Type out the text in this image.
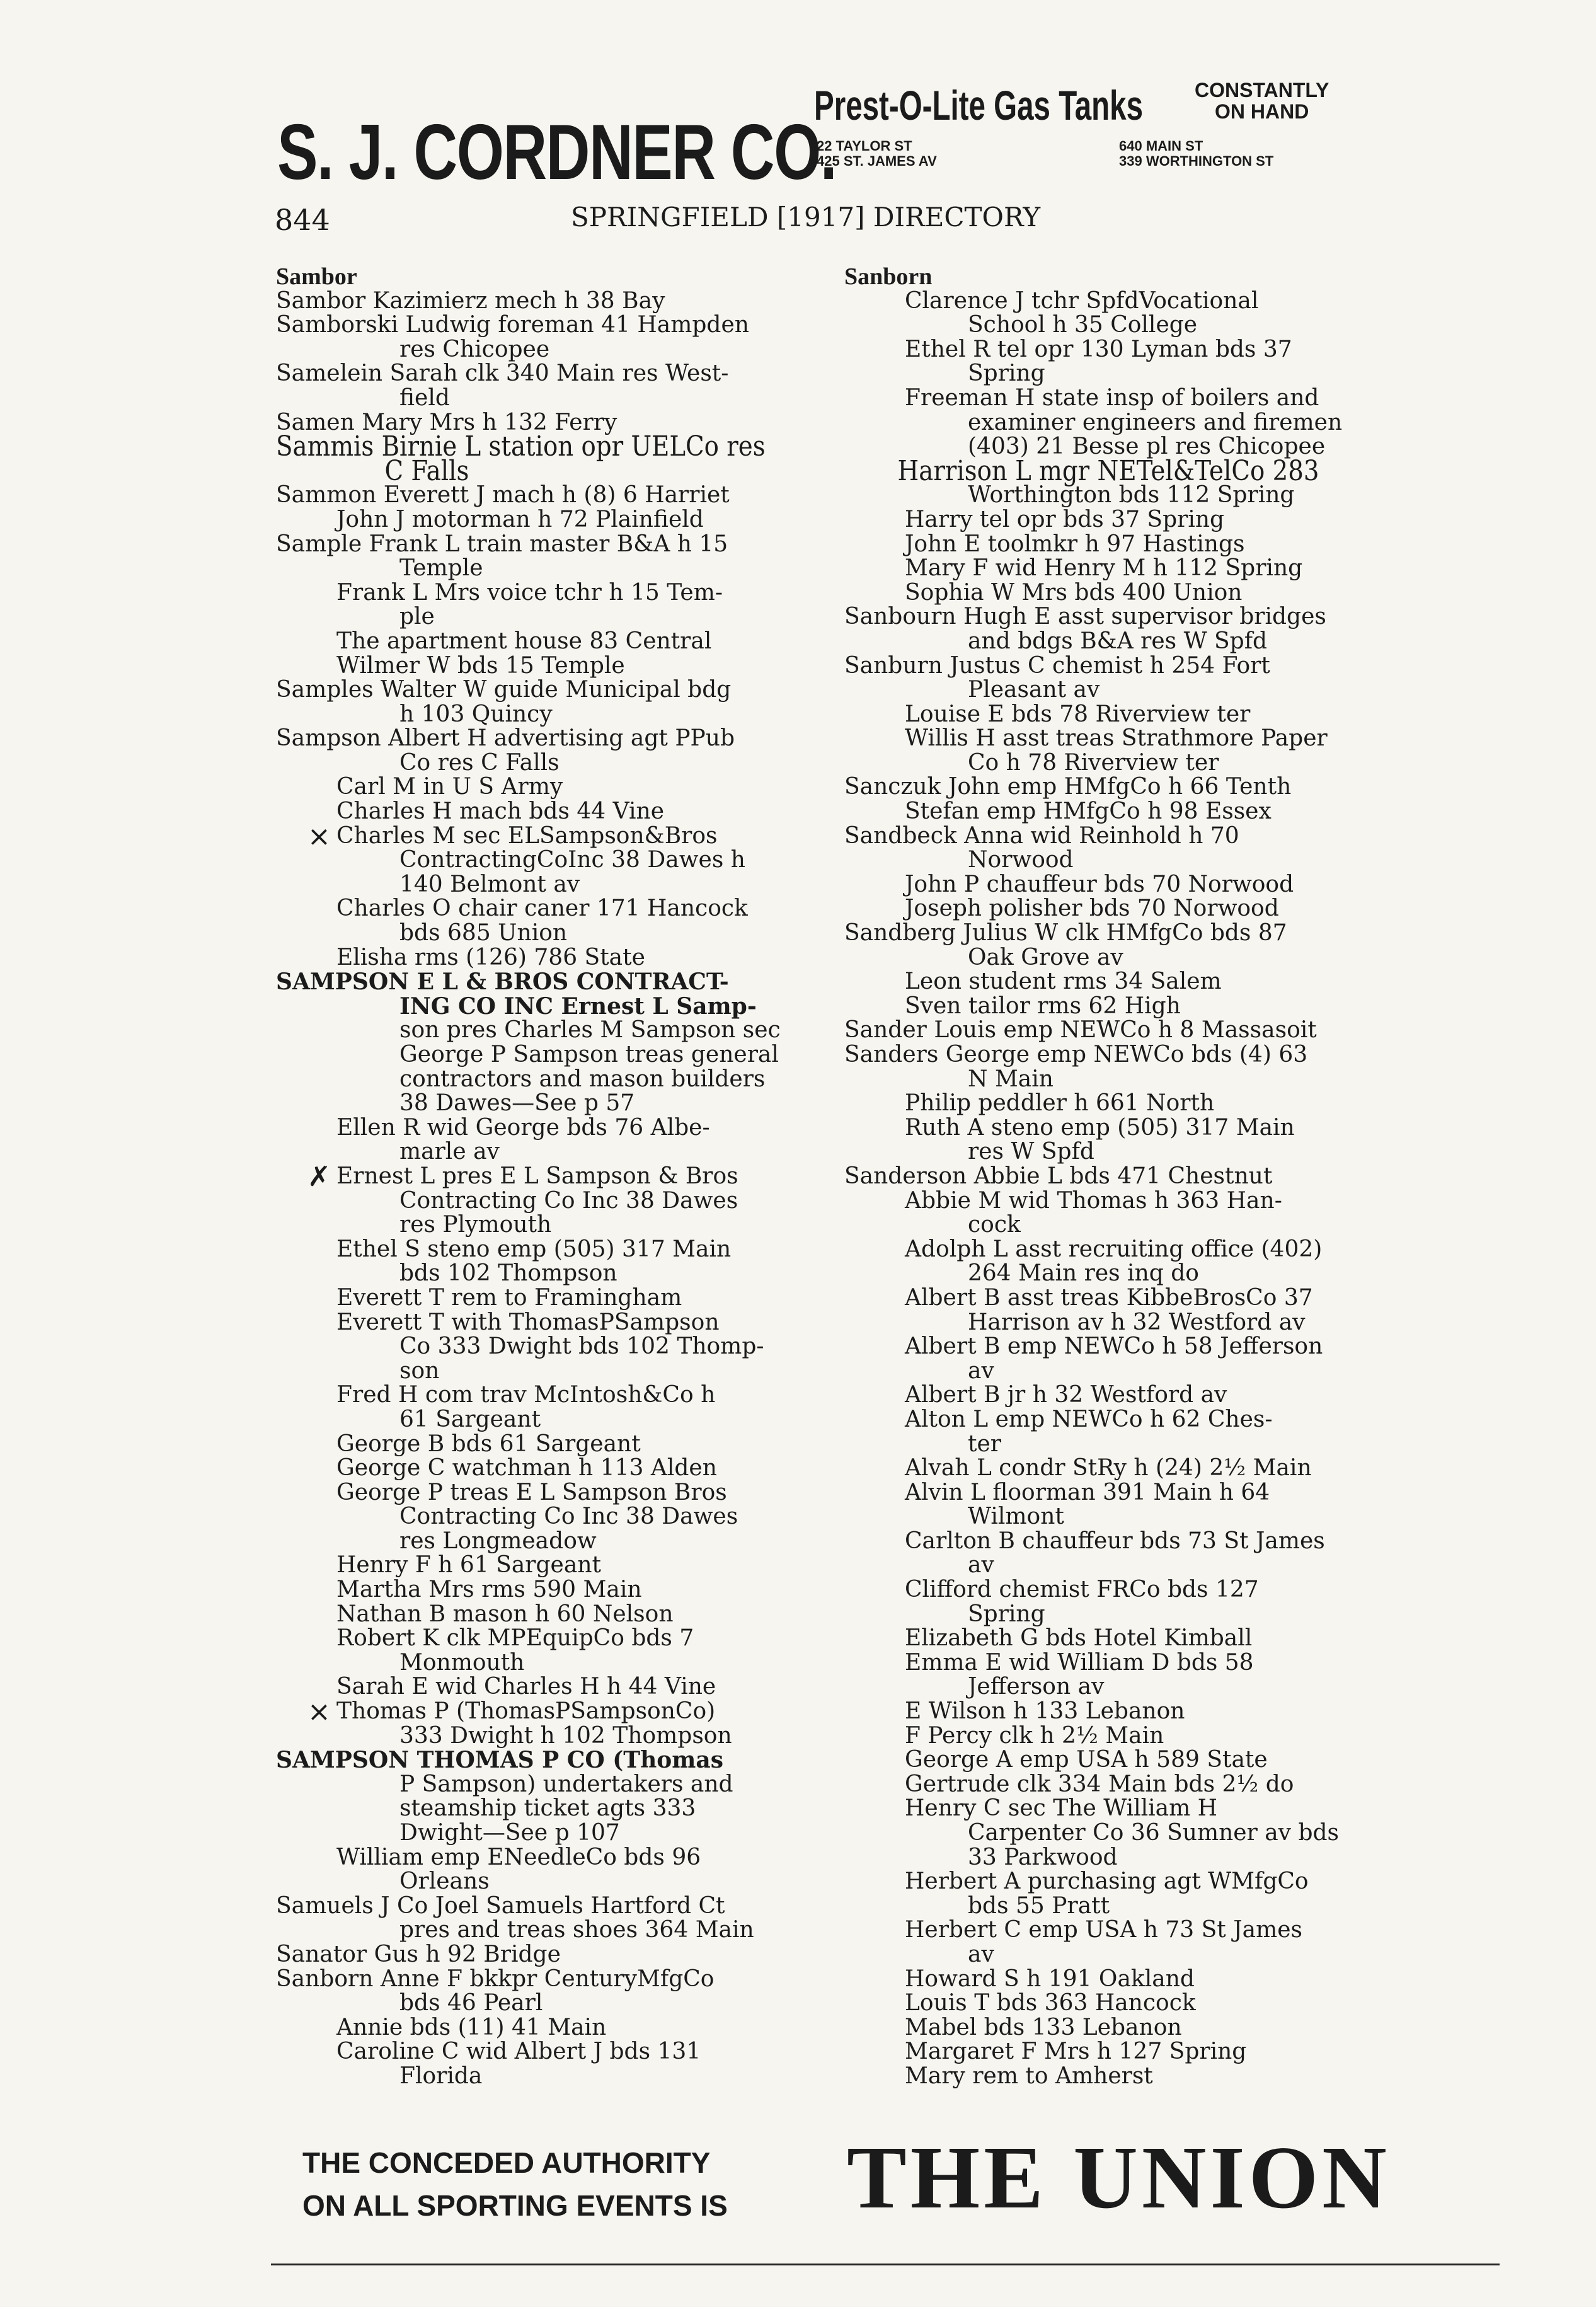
S. J. CORDNER CO.
Prest-O-Lite Gas Tanks	CONSTANTLY
ON HAND
22 TAYLOR ST
425 ST. JAMES AV
640 MAIN ST
339 WORTHINGTON ST
844	SPRINGFIELD [1917] DIRECTORY
Sambor
Sambor Kazimierz mech h 38 Bay
Samborski Ludwig foreman 41 Hampden
res Chicopee
Samelein Sarah clk 340 Main res West-
field
Samen Mary Mrs h 132 Ferry
Sammis Birnie L station opr UELCo res
C Falls
Sammon Everett J mach h (8) 6 Harriet
John J motorman h 72 Plainfield
Sample Frank L train master B&A h 15
Temple
Frank L Mrs voice tchr h 15 Tem-
ple
The apartment house 83 Central
Wilmer W bds 15 Temple
Samples Walter W guide Municipal bdg
h 103 Quincy
Sampson Albert H advertising agt PPub
Co res C Falls
Carl M in U S Army
Charles H mach bds 44 Vine
× Charles M sec ELSampson&Bros
ContractingCoInc 38 Dawes h
140 Belmont av
Charles O chair caner 171 Hancock
bds 685 Union
Elisha rms (126) 786 State
SAMPSON E L & BROS CONTRACT-
ING CO INC Ernest L Samp-
son pres Charles M Sampson sec
George P Sampson treas general
contractors and mason builders
38 Dawes—See p 57
Ellen R wid George bds 76 Albe-
marle av
✗ Ernest L pres E L Sampson & Bros
Contracting Co Inc 38 Dawes
res Plymouth
Ethel S steno emp (505) 317 Main
bds 102 Thompson
Everett T rem to Framingham
Everett T with ThomasPSampson
Co 333 Dwight bds 102 Thomp-
son
Fred H com trav McIntosh&Co h
61 Sargeant
George B bds 61 Sargeant
George C watchman h 113 Alden
George P treas E L Sampson Bros
Contracting Co Inc 38 Dawes
res Longmeadow
Henry F h 61 Sargeant
Martha Mrs rms 590 Main
Nathan B mason h 60 Nelson
Robert K clk MPEquipCo bds 7
Monmouth
Sarah E wid Charles H h 44 Vine
× Thomas P (ThomasPSampsonCo)
333 Dwight h 102 Thompson
SAMPSON THOMAS P CO (Thomas
P Sampson) undertakers and
steamship ticket agts 333
Dwight—See p 107
William emp ENeedleCo bds 96
Orleans
Samuels J Co Joel Samuels Hartford Ct
pres and treas shoes 364 Main
Sanator Gus h 92 Bridge
Sanborn Anne F bkkpr CenturyMfgCo
bds 46 Pearl
Annie bds (11) 41 Main
Caroline C wid Albert J bds 131
Florida
Sanborn
Clarence J tchr SpfdVocational
School h 35 College
Ethel R tel opr 130 Lyman bds 37
Spring
Freeman H state insp of boilers and
examiner engineers and firemen
(403) 21 Besse pl res Chicopee
Harrison L mgr NETel&TelCo 283
Worthington bds 112 Spring
Harry tel opr bds 37 Spring
John E toolmkr h 97 Hastings
Mary F wid Henry M h 112 Spring
Sophia W Mrs bds 400 Union
Sanbourn Hugh E asst supervisor bridges
and bdgs B&A res W Spfd
Sanburn Justus C chemist h 254 Fort
Pleasant av
Louise E bds 78 Riverview ter
Willis H asst treas Strathmore Paper
Co h 78 Riverview ter
Sanczuk John emp HMfgCo h 66 Tenth
Stefan emp HMfgCo h 98 Essex
Sandbeck Anna wid Reinhold h 70
Norwood
John P chauffeur bds 70 Norwood
Joseph polisher bds 70 Norwood
Sandberg Julius W clk HMfgCo bds 87
Oak Grove av
Leon student rms 34 Salem
Sven tailor rms 62 High
Sander Louis emp NEWCo h 8 Massasoit
Sanders George emp NEWCo bds (4) 63
N Main
Philip peddler h 661 North
Ruth A steno emp (505) 317 Main
res W Spfd
Sanderson Abbie L bds 471 Chestnut
Abbie M wid Thomas h 363 Han-
cock
Adolph L asst recruiting office (402)
264 Main res inq do
Albert B asst treas KibbeBrosCo 37
Harrison av h 32 Westford av
Albert B emp NEWCo h 58 Jefferson
av
Albert B jr h 32 Westford av
Alton L emp NEWCo h 62 Ches-
ter
Alvah L condr StRy h (24) 2½ Main
Alvin L floorman 391 Main h 64
Wilmont
Carlton B chauffeur bds 73 St James
av
Clifford chemist FRCo bds 127
Spring
Elizabeth G bds Hotel Kimball
Emma E wid William D bds 58
Jefferson av
E Wilson h 133 Lebanon
F Percy clk h 2½ Main
George A emp USA h 589 State
Gertrude clk 334 Main bds 2½ do
Henry C sec The William H
Carpenter Co 36 Sumner av bds
33 Parkwood
Herbert A purchasing agt WMfgCo
bds 55 Pratt
Herbert C emp USA h 73 St James
av
Howard S h 191 Oakland
Louis T bds 363 Hancock
Mabel bds 133 Lebanon
Margaret F Mrs h 127 Spring
Mary rem to Amherst
THE CONCEDED AUTHORITY
ON ALL SPORTING EVENTS IS THE UNION
